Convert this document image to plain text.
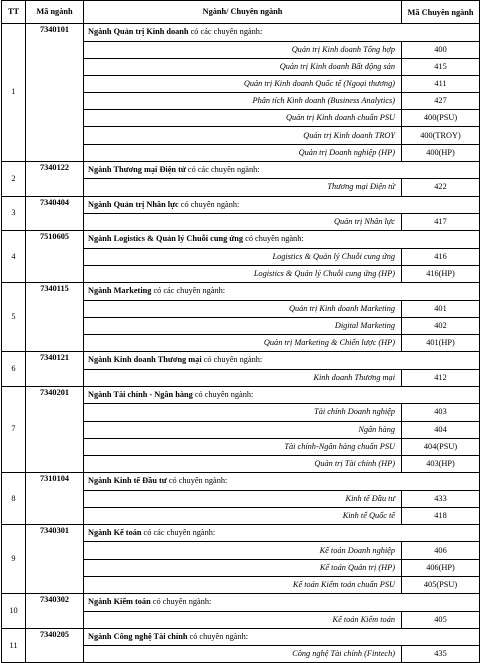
TT	Mã ngành	Ngành/ Chuyên ngành	Mã Chuyên ngành
1	7340101	Ngành Quản trị Kinh doanh có các chuyên ngành:	
		Quản trị Kinh doanh Tổng hợp	400
		Quản trị Kinh doanh Bất động sản	415
		Quản trị Kinh doanh Quốc tế (Ngoại thương)	411
		Phân tích Kinh doanh (Business Analytics)	427
		Quản trị Kinh doanh chuẩn PSU	400(PSU)
		Quản trị Kinh doanh TROY	400(TROY)
		Quản trị Doanh nghiệp (HP)	400(HP)
2	7340122	Ngành Thương mại Điện tử có các chuyên ngành:	
		Thương mại Điện tử	422
3	7340404	Ngành Quản trị Nhân lực có chuyên ngành:	
		Quản trị Nhân lực	417
4	7510605	Ngành Logistics & Quản lý Chuỗi cung ứng có chuyên ngành:	
		Logistics & Quản lý Chuỗi cung ứng	416
		Logistics & Quản lý Chuỗi cung ứng (HP)	416(HP)
5	7340115	Ngành Marketing có các chuyên ngành:	
		Quản trị Kinh doanh Marketing	401
		Digital Marketing	402
		Quản trị Marketing & Chiến lược (HP)	401(HP)
6	7340121	Ngành Kinh doanh Thương mại có chuyên ngành:	
		Kinh doanh Thương mại	412
7	7340201	Ngành Tài chính - Ngân hàng có chuyên ngành:	
		Tài chính Doanh nghiệp	403
		Ngân hàng	404
		Tài chính-Ngân hàng chuẩn PSU	404(PSU)
		Quản trị Tài chính (HP)	403(HP)
8	7310104	Ngành Kinh tế Đầu tư có chuyên ngành:	
		Kinh tế Đầu tư	433
		Kinh tế Quốc tế	418
9	7340301	Ngành Kế toán có các chuyên ngành:	
		Kế toán Doanh nghiệp	406
		Kế toán Quản trị (HP)	406(HP)
		Kế toán Kiểm toán chuẩn PSU	405(PSU)
10	7340302	Ngành Kiểm toán có chuyên ngành:	
		Kế toán Kiểm toán	405
11	7340205	Ngành Công nghệ Tài chính có chuyên ngành:	
		Công nghệ Tài chính (Fintech)	435
